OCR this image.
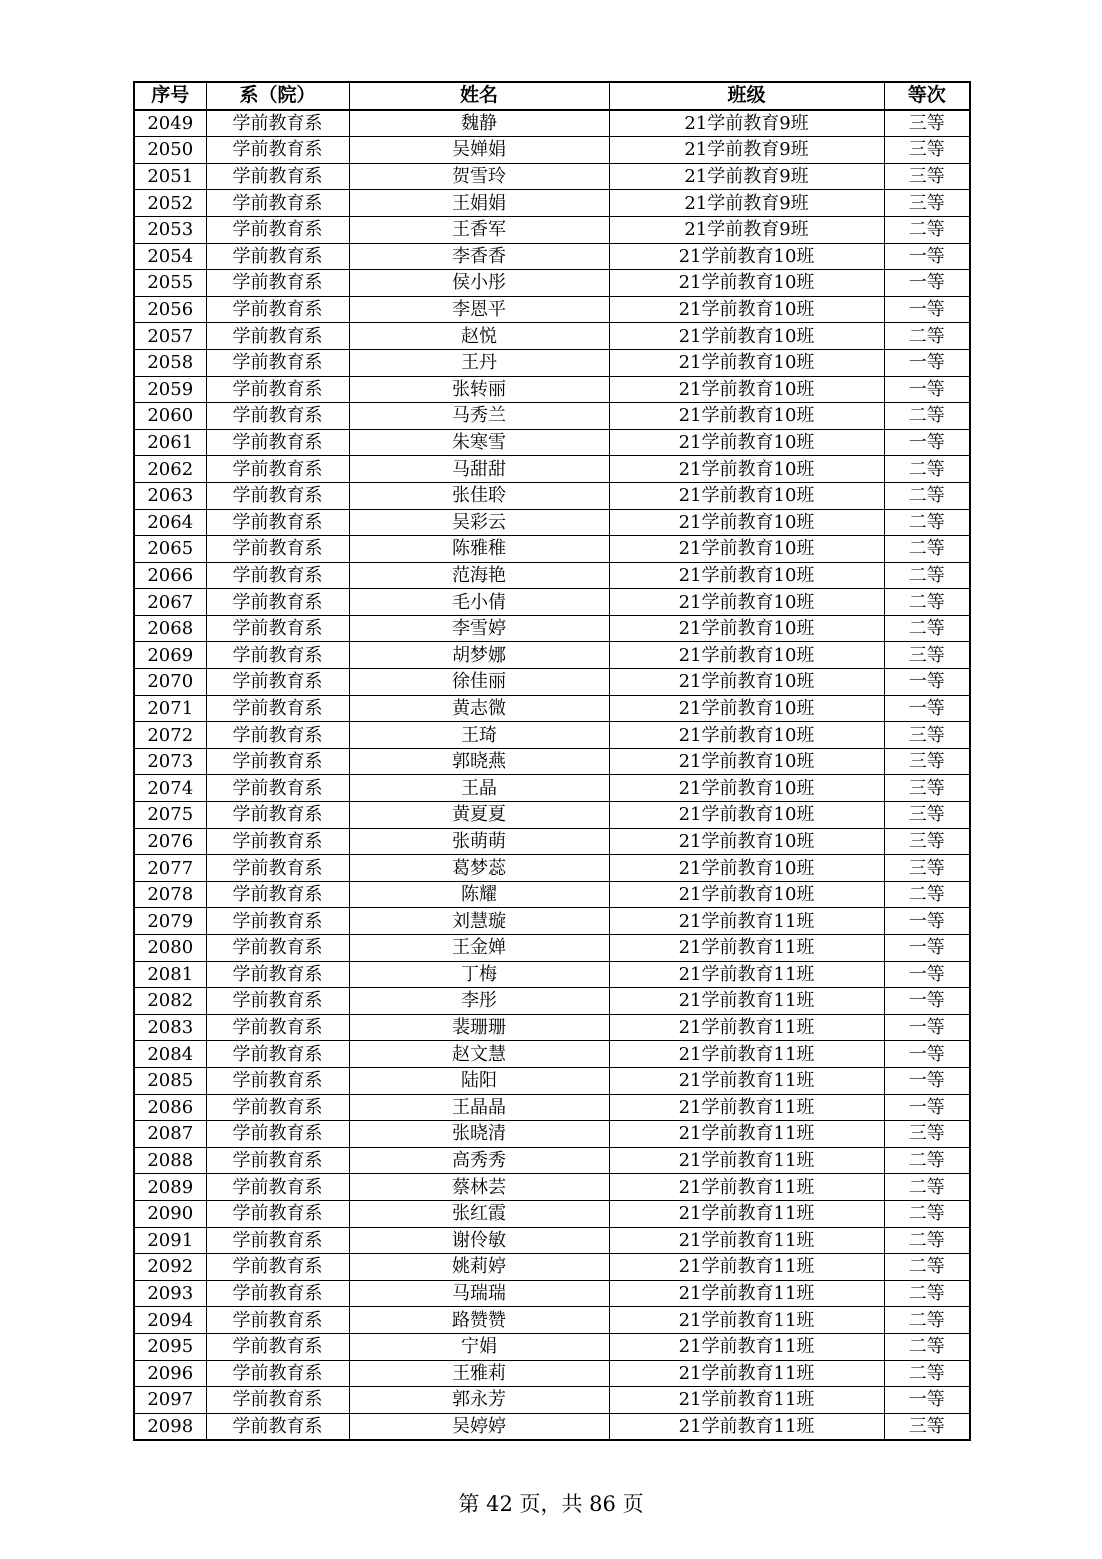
序号	系（院）	姓名	班级	等次
2049	学前教育系	魏静	21学前教育9班	三等
2050	学前教育系	吴婵娟	21学前教育9班	三等
2051	学前教育系	贺雪玲	21学前教育9班	三等
2052	学前教育系	王娟娟	21学前教育9班	三等
2053	学前教育系	王香军	21学前教育9班	二等
2054	学前教育系	李香香	21学前教育10班	一等
2055	学前教育系	侯小彤	21学前教育10班	一等
2056	学前教育系	李恩平	21学前教育10班	一等
2057	学前教育系	赵悦	21学前教育10班	二等
2058	学前教育系	王丹	21学前教育10班	一等
2059	学前教育系	张转丽	21学前教育10班	一等
2060	学前教育系	马秀兰	21学前教育10班	二等
2061	学前教育系	朱寒雪	21学前教育10班	一等
2062	学前教育系	马甜甜	21学前教育10班	二等
2063	学前教育系	张佳聆	21学前教育10班	二等
2064	学前教育系	吴彩云	21学前教育10班	二等
2065	学前教育系	陈雅稚	21学前教育10班	二等
2066	学前教育系	范海艳	21学前教育10班	二等
2067	学前教育系	毛小倩	21学前教育10班	二等
2068	学前教育系	李雪婷	21学前教育10班	二等
2069	学前教育系	胡梦娜	21学前教育10班	三等
2070	学前教育系	徐佳丽	21学前教育10班	一等
2071	学前教育系	黄志微	21学前教育10班	一等
2072	学前教育系	王琦	21学前教育10班	三等
2073	学前教育系	郭晓燕	21学前教育10班	三等
2074	学前教育系	王晶	21学前教育10班	三等
2075	学前教育系	黄夏夏	21学前教育10班	三等
2076	学前教育系	张萌萌	21学前教育10班	三等
2077	学前教育系	葛梦蕊	21学前教育10班	三等
2078	学前教育系	陈耀	21学前教育10班	二等
2079	学前教育系	刘慧璇	21学前教育11班	一等
2080	学前教育系	王金婵	21学前教育11班	一等
2081	学前教育系	丁梅	21学前教育11班	一等
2082	学前教育系	李彤	21学前教育11班	一等
2083	学前教育系	裴珊珊	21学前教育11班	一等
2084	学前教育系	赵文慧	21学前教育11班	一等
2085	学前教育系	陆阳	21学前教育11班	一等
2086	学前教育系	王晶晶	21学前教育11班	一等
2087	学前教育系	张晓清	21学前教育11班	三等
2088	学前教育系	高秀秀	21学前教育11班	二等
2089	学前教育系	蔡林芸	21学前教育11班	二等
2090	学前教育系	张红霞	21学前教育11班	二等
2091	学前教育系	谢伶敏	21学前教育11班	二等
2092	学前教育系	姚莉婷	21学前教育11班	二等
2093	学前教育系	马瑞瑞	21学前教育11班	二等
2094	学前教育系	路赞赞	21学前教育11班	二等
2095	学前教育系	宁娟	21学前教育11班	二等
2096	学前教育系	王雅莉	21学前教育11班	二等
2097	学前教育系	郭永芳	21学前教育11班	一等
2098	学前教育系	吴婷婷	21学前教育11班	三等
第 42 页，共 86 页
